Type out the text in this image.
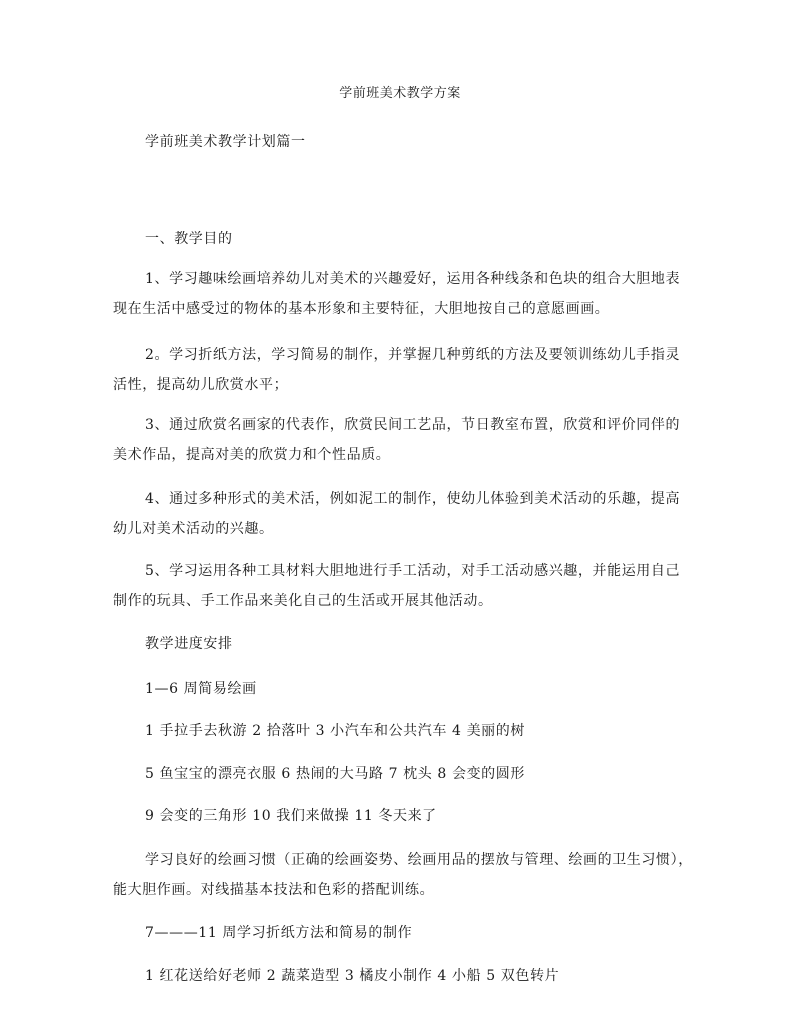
学前班美术教学方案
学前班美术教学计划篇一
一、教学目的
1、学习趣味绘画培养幼儿对美术的兴趣爱好，运用各种线条和色块的组合大胆地表现在生活中感受过的物体的基本形象和主要特征，大胆地按自己的意愿画画。
2。学习折纸方法，学习简易的制作，并掌握几种剪纸的方法及要领训练幼儿手指灵活性，提高幼儿欣赏水平；
3、通过欣赏名画家的代表作，欣赏民间工艺品，节日教室布置，欣赏和评价同伴的美术作品，提高对美的欣赏力和个性品质。
4、通过多种形式的美术活，例如泥工的制作，使幼儿体验到美术活动的乐趣，提高幼儿对美术活动的兴趣。
5、学习运用各种工具材料大胆地进行手工活动，对手工活动感兴趣，并能运用自己制作的玩具、手工作品来美化自己的生活或开展其他活动。
教学进度安排
1—6 周简易绘画
1 手拉手去秋游 2 拾落叶 3 小汽车和公共汽车 4 美丽的树
5 鱼宝宝的漂亮衣服 6 热闹的大马路 7 枕头 8 会变的圆形
9 会变的三角形 10 我们来做操 11 冬天来了
学习良好的绘画习惯（正确的绘画姿势、绘画用品的摆放与管理、绘画的卫生习惯），能大胆作画。对线描基本技法和色彩的搭配训练。
7———11 周学习折纸方法和简易的制作
1 红花送给好老师 2 蔬菜造型 3 橘皮小制作 4 小船 5 双色转片
